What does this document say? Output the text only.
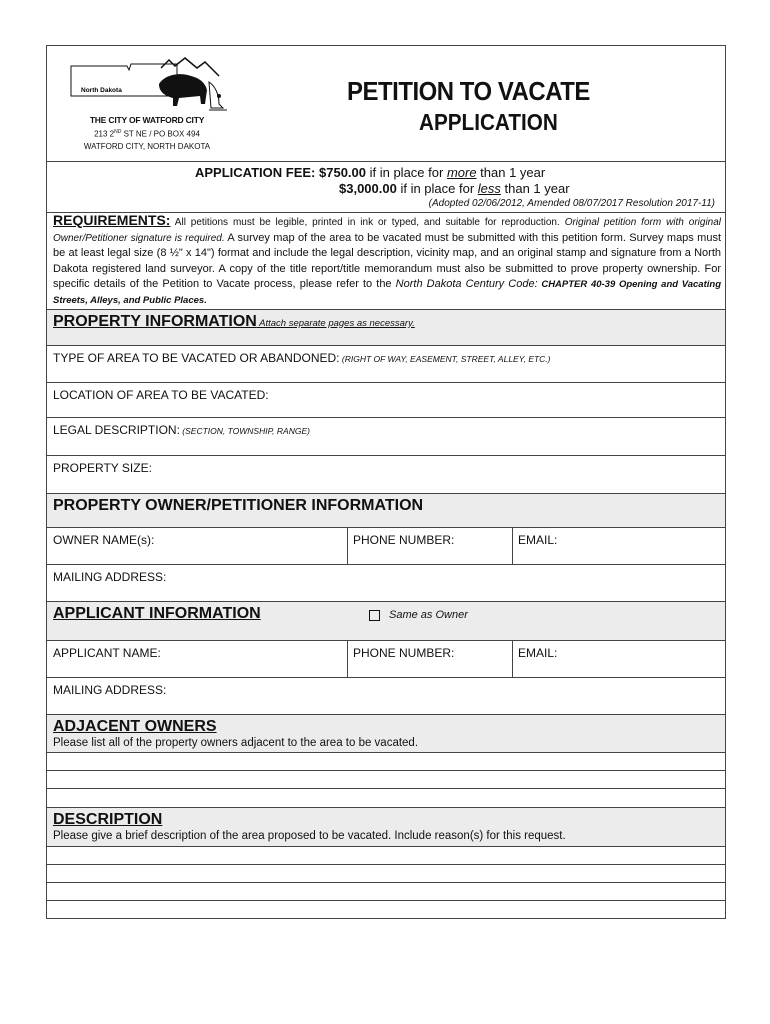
North Dakota
THE CITY OF WATFORD CITY
213 2ND ST NE / PO BOX 494
WATFORD CITY, NORTH DAKOTA
PETITION TO VACATE
APPLICATION
APPLICATION FEE: $750.00 if in place for more than 1 year
$3,000.00 if in place for less than 1 year
(Adopted 02/06/2012, Amended 08/07/2017 Resolution 2017-11)
REQUIREMENTS: All petitions must be legible, printed in ink or typed, and suitable for reproduction. Original petition form with original Owner/Petitioner signature is required. A survey map of the area to be vacated must be submitted with this petition form. Survey maps must be at least legal size (8 ½" x 14") format and include the legal description, vicinity map, and an original stamp and signature from a North Dakota registered land surveyor. A copy of the title report/title memorandum must also be submitted to prove property ownership. For specific details of the Petition to Vacate process, please refer to the North Dakota Century Code: CHAPTER 40-39 Opening and Vacating Streets, Alleys, and Public Places.
PROPERTY INFORMATION Attach separate pages as necessary.
TYPE OF AREA TO BE VACATED OR ABANDONED: (RIGHT OF WAY, EASEMENT, STREET, ALLEY, ETC.)
LOCATION OF AREA TO BE VACATED:
LEGAL DESCRIPTION: (SECTION, TOWNSHIP, RANGE)
PROPERTY SIZE:
PROPERTY OWNER/PETITIONER INFORMATION
OWNER NAME(s):	PHONE NUMBER:	EMAIL:
MAILING ADDRESS:
APPLICANT INFORMATION	Same as Owner
APPLICANT NAME:	PHONE NUMBER:	EMAIL:
MAILING ADDRESS:
ADJACENT OWNERS
Please list all of the property owners adjacent to the area to be vacated.
DESCRIPTION
Please give a brief description of the area proposed to be vacated. Include reason(s) for this request.
